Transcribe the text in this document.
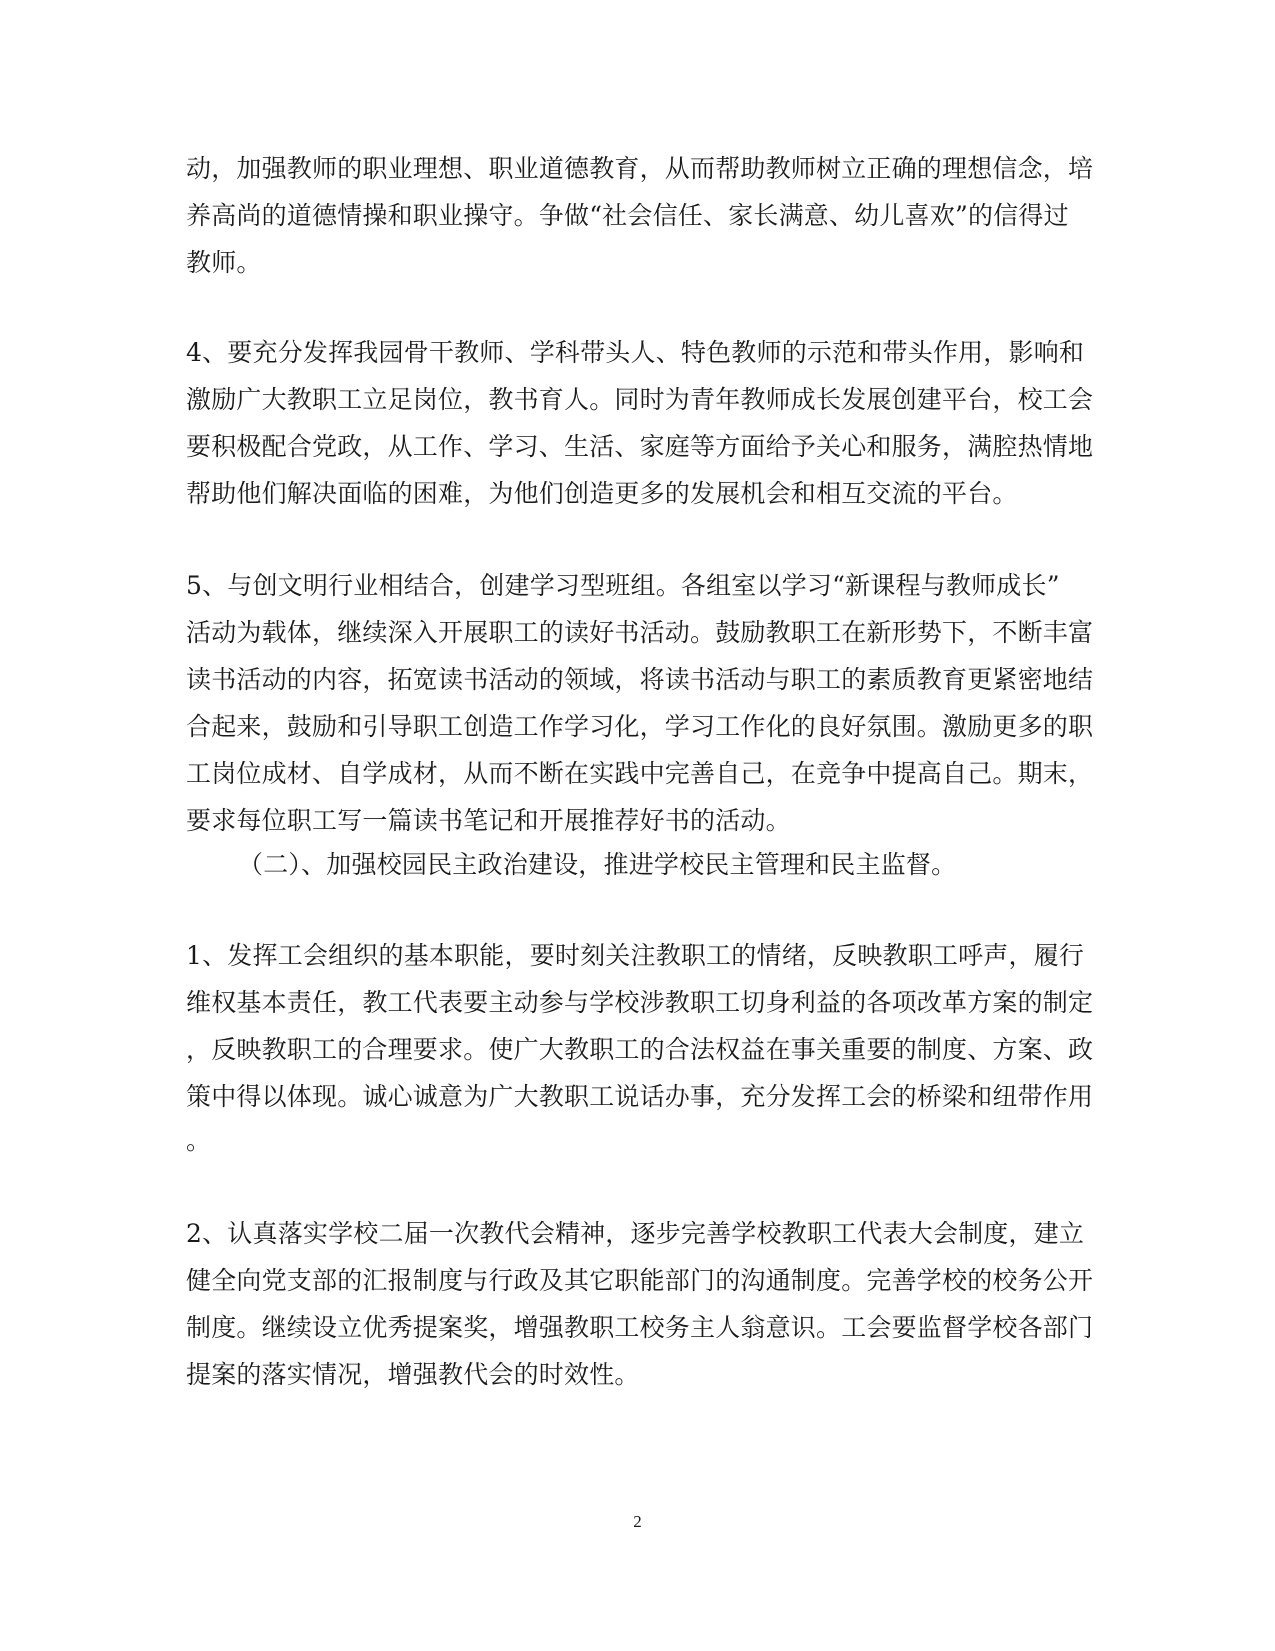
动，加强教师的职业理想、职业道德教育，从而帮助教师树立正确的理想信念，培
养高尚的道德情操和职业操守。争做“社会信任、家长满意、幼儿喜欢”的信得过
教师。
4、要充分发挥我园骨干教师、学科带头人、特色教师的示范和带头作用，影响和
激励广大教职工立足岗位，教书育人。同时为青年教师成长发展创建平台，校工会
要积极配合党政，从工作、学习、生活、家庭等方面给予关心和服务，满腔热情地
帮助他们解决面临的困难，为他们创造更多的发展机会和相互交流的平台。
5、与创文明行业相结合，创建学习型班组。各组室以学习“新课程与教师成长”
活动为载体，继续深入开展职工的读好书活动。鼓励教职工在新形势下，不断丰富
读书活动的内容，拓宽读书活动的领域，将读书活动与职工的素质教育更紧密地结
合起来，鼓励和引导职工创造工作学习化，学习工作化的良好氛围。激励更多的职
工岗位成材、自学成材，从而不断在实践中完善自己，在竞争中提高自己。期末，
要求每位职工写一篇读书笔记和开展推荐好书的活动。
（二）、加强校园民主政治建设，推进学校民主管理和民主监督。
1、发挥工会组织的基本职能，要时刻关注教职工的情绪，反映教职工呼声，履行
维权基本责任，教工代表要主动参与学校涉教职工切身利益的各项改革方案的制定
，反映教职工的合理要求。使广大教职工的合法权益在事关重要的制度、方案、政
策中得以体现。诚心诚意为广大教职工说话办事，充分发挥工会的桥梁和纽带作用
。
2、认真落实学校二届一次教代会精神，逐步完善学校教职工代表大会制度，建立
健全向党支部的汇报制度与行政及其它职能部门的沟通制度。完善学校的校务公开
制度。继续设立优秀提案奖，增强教职工校务主人翁意识。工会要监督学校各部门
提案的落实情况，增强教代会的时效性。
2
